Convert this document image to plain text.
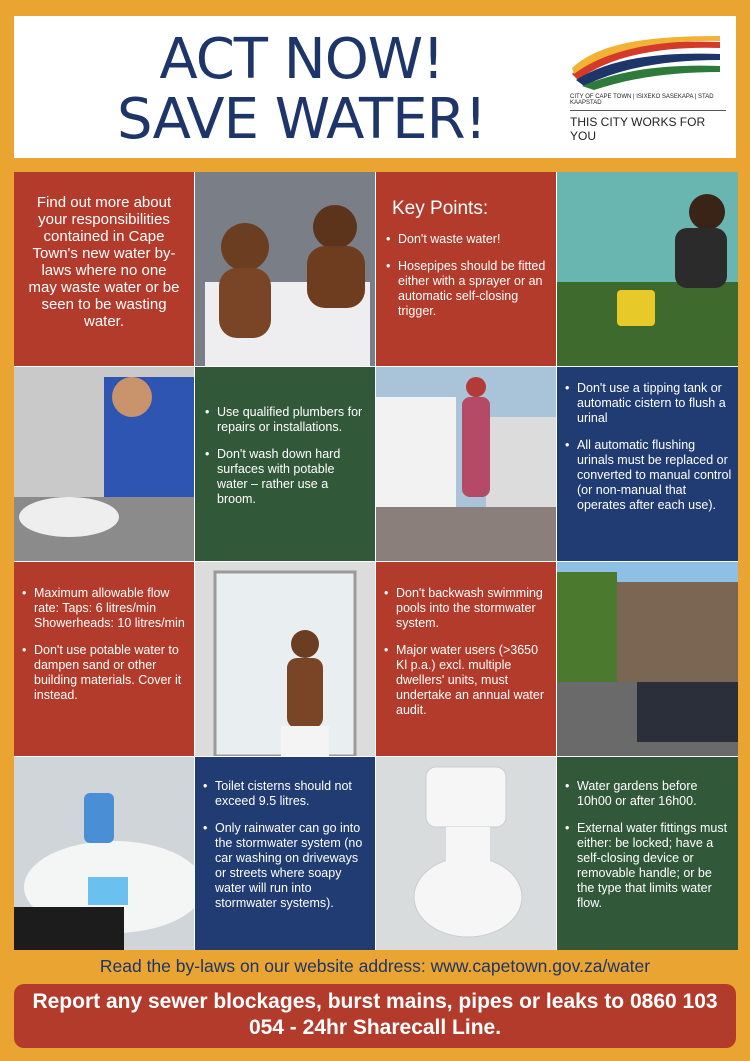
ACT NOW!
SAVE WATER!	CITY OF CAPE TOWN | ISIXEKO SASEKAPA | STAD KAAPSTAD
THIS CITY WORKS FOR YOU
Find out more about your responsibilities contained in Cape Town's new water by-laws where no one may waste water or be seen to be wasting water.
Key Points:
• Don't waste water!
• Hosepipes should be fitted either with a sprayer or an automatic self-closing trigger.
• Use qualified plumbers for repairs or installations.
• Don't wash down hard surfaces with potable water – rather use a broom.
• Don't use a tipping tank or automatic cistern to flush a urinal
• All automatic flushing urinals must be replaced or converted to manual control (or non-manual that operates after each use).
• Maximum allowable flow rate: Taps: 6 litres/min Showerheads: 10 litres/min
• Don't use potable water to dampen sand or other building materials. Cover it instead.
• Don't backwash swimming pools into the stormwater system.
• Major water users (>3650 Kl p.a.) excl. multiple dwellers' units, must undertake an annual water audit.
• Toilet cisterns should not exceed 9.5 litres.
• Only rainwater can go into the stormwater system (no car washing on driveways or streets where soapy water will run into stormwater systems).
• Water gardens before 10h00 or after 16h00.
• External water fittings must either: be locked; have a self-closing device or removable handle; or be the type that limits water flow.
Read the by-laws on our website address: www.capetown.gov.za/water
Report any sewer blockages, burst mains, pipes or leaks to 0860 103 054 - 24hr Sharecall Line.
